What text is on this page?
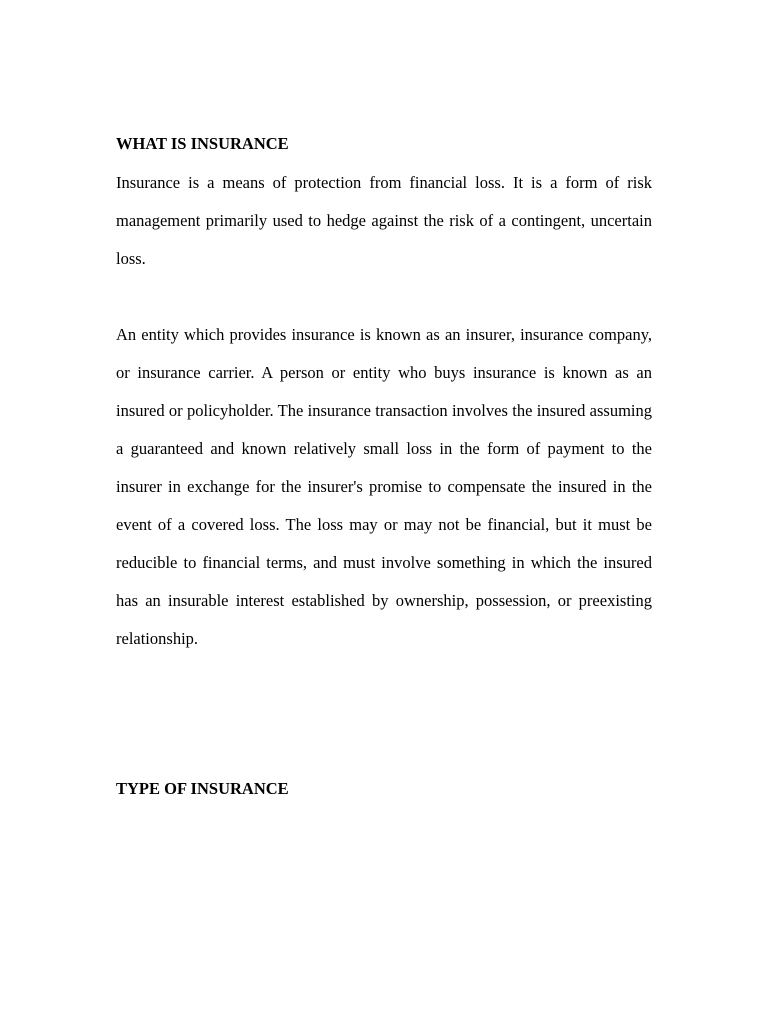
WHAT IS INSURANCE

Insurance is a means of protection from financial loss. It is a form of risk management primarily used to hedge against the risk of a contingent, uncertain loss.

An entity which provides insurance is known as an insurer, insurance company, or insurance carrier. A person or entity who buys insurance is known as an insured or policyholder. The insurance transaction involves the insured assuming a guaranteed and known relatively small loss in the form of payment to the insurer in exchange for the insurer's promise to compensate the insured in the event of a covered loss. The loss may or may not be financial, but it must be reducible to financial terms, and must involve something in which the insured has an insurable interest established by ownership, possession, or preexisting relationship.

TYPE OF INSURANCE
